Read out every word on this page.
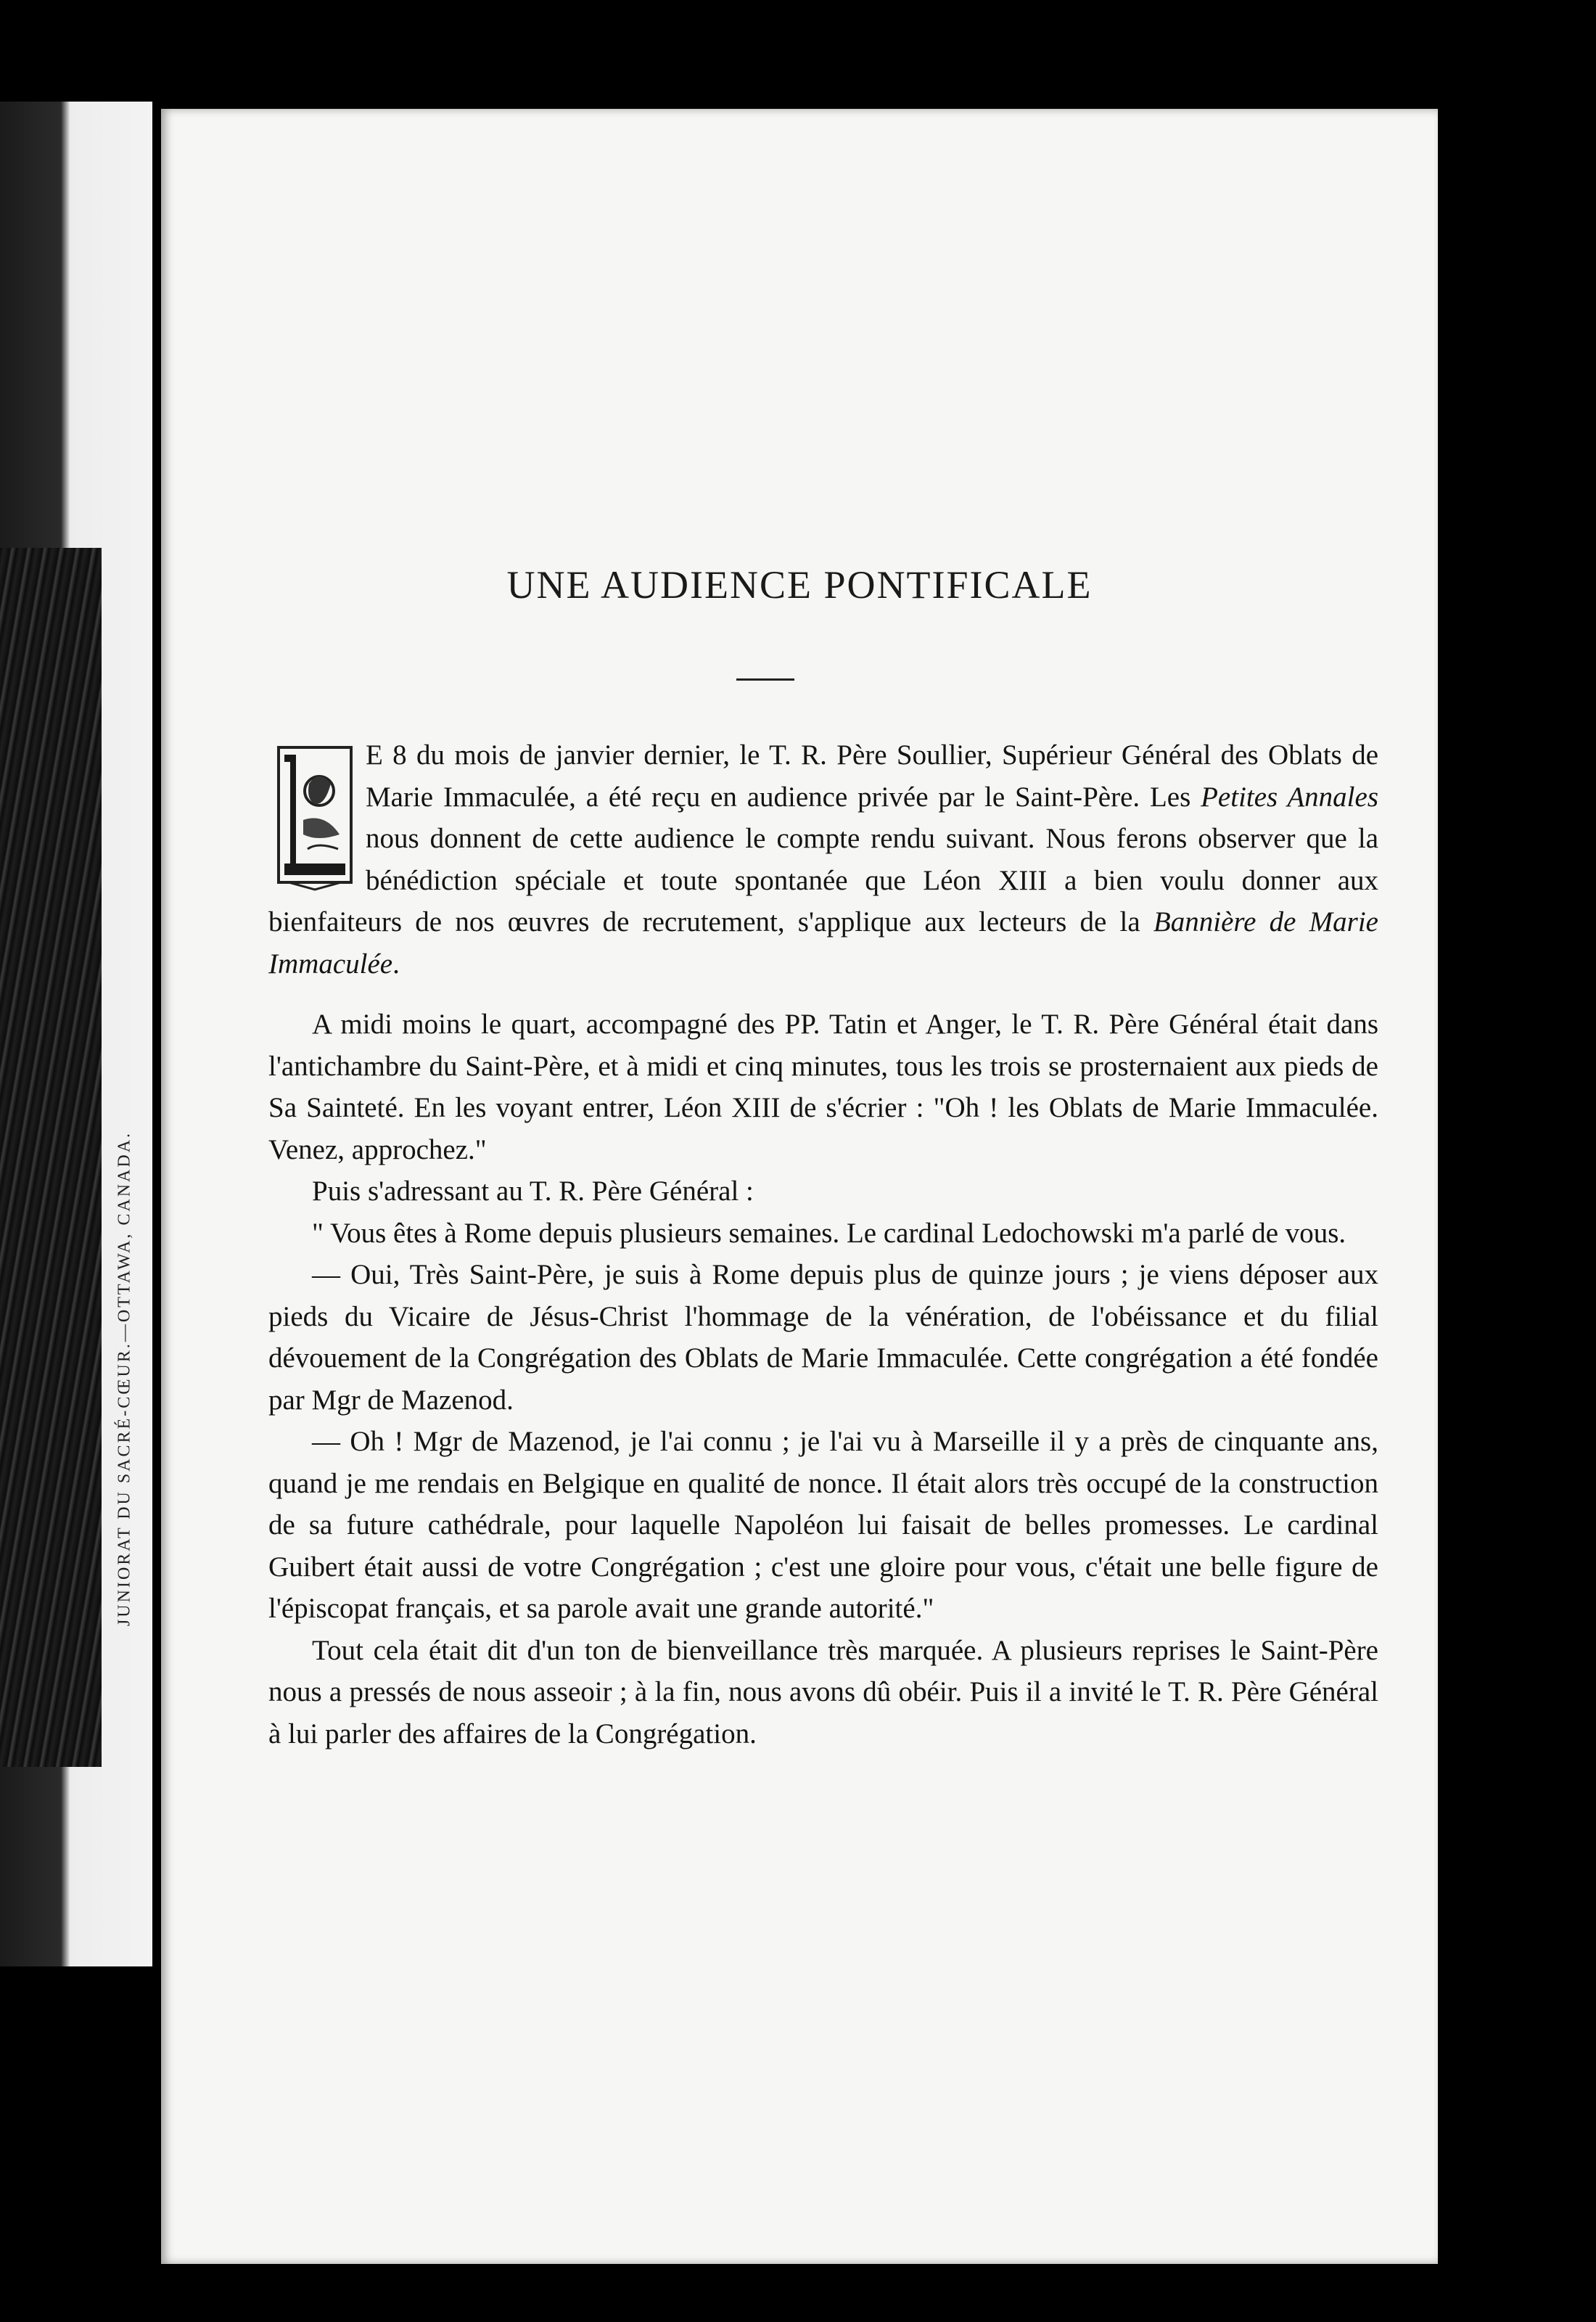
JUNIORAT DU SACRÉ-CŒUR.—OTTAWA, CANADA.
UNE AUDIENCE PONTIFICALE

E 8 du mois de janvier dernier, le T. R. Père Soullier, Supérieur Général des Oblats de Marie Immaculée, a été reçu en audience privée par le Saint-Père. Les Petites Annales nous donnent de cette audience le compte rendu suivant. Nous ferons observer que la bénédiction spéciale et toute spontanée que Léon XIII a bien voulu donner aux bienfaiteurs de nos œuvres de recrutement, s'applique aux lecteurs de la Bannière de Marie Immaculée.

A midi moins le quart, accompagné des PP. Tatin et Anger, le T. R. Père Général était dans l'antichambre du Saint-Père, et à midi et cinq minutes, tous les trois se prosternaient aux pieds de Sa Sainteté. En les voyant entrer, Léon XIII de s'écrier : "Oh ! les Oblats de Marie Immaculée. Venez, approchez."

Puis s'adressant au T. R. Père Général :

" Vous êtes à Rome depuis plusieurs semaines. Le cardinal Ledochowski m'a parlé de vous.

— Oui, Très Saint-Père, je suis à Rome depuis plus de quinze jours ; je viens déposer aux pieds du Vicaire de Jésus-Christ l'hommage de la vénération, de l'obéissance et du filial dévouement de la Congrégation des Oblats de Marie Immaculée. Cette congrégation a été fondée par Mgr de Mazenod.

— Oh ! Mgr de Mazenod, je l'ai connu ; je l'ai vu à Marseille il y a près de cinquante ans, quand je me rendais en Belgique en qualité de nonce. Il était alors très occupé de la construction de sa future cathédrale, pour laquelle Napoléon lui faisait de belles promesses. Le cardinal Guibert était aussi de votre Congrégation ; c'est une gloire pour vous, c'était une belle figure de l'épiscopat français, et sa parole avait une grande autorité."

Tout cela était dit d'un ton de bienveillance très marquée. A plusieurs reprises le Saint-Père nous a pressés de nous asseoir ; à la fin, nous avons dû obéir. Puis il a invité le T. R. Père Général à lui parler des affaires de la Congrégation.
